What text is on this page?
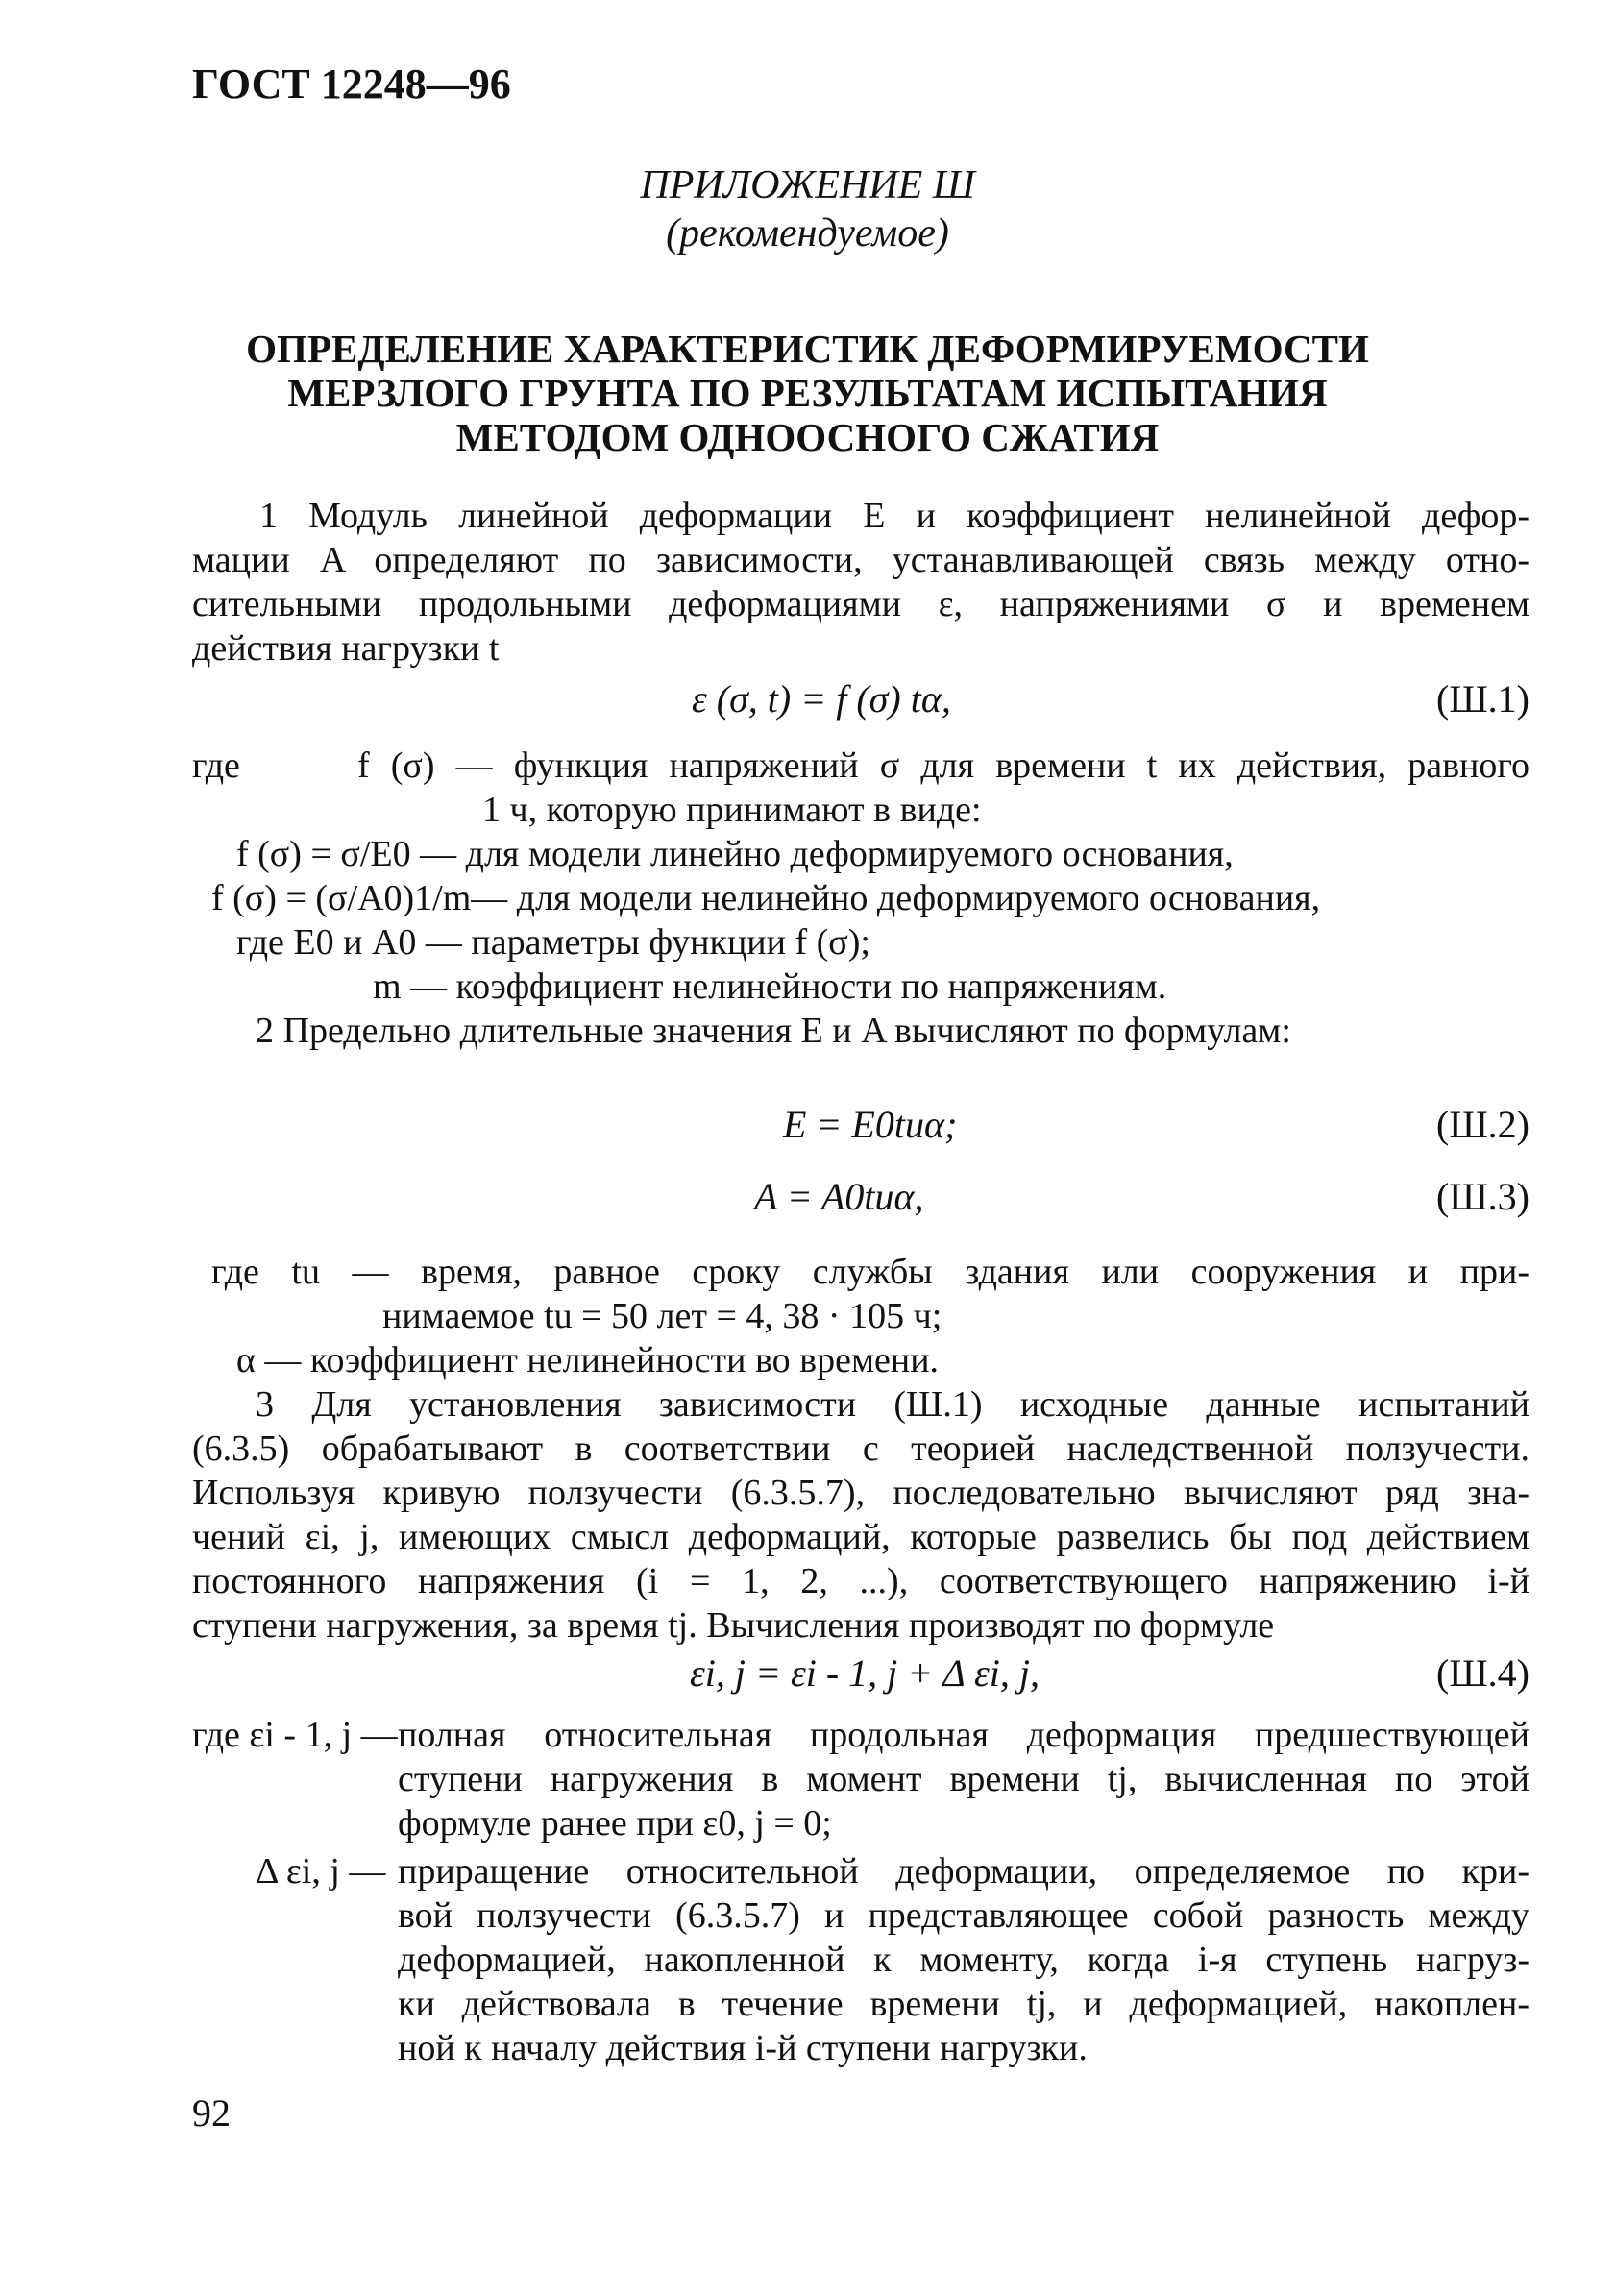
ГОСТ 12248—96
ПРИЛОЖЕНИЕ Ш
(рекомендуемое)
ОПРЕДЕЛЕНИЕ ХАРАКТЕРИСТИК ДЕФОРМИРУЕМОСТИ
МЕРЗЛОГО ГРУНТА ПО РЕЗУЛЬТАТАМ ИСПЫТАНИЯ
МЕТОДОМ ОДНООСНОГО СЖАТИЯ
1 Модуль линейной деформации E и коэффициент нелинейной дефор-
мации A определяют по зависимости, устанавливающей связь между отно-
сительными продольными деформациями ε, напряжениями σ и временем
действия нагрузки t
ε (σ, t) = f (σ) tα,	(Ш.1)
где	f (σ) — функция напряжений σ для времени t их действия, равного
1 ч, которую принимают в виде:
f (σ) = σ/E0 — для модели линейно деформируемого основания,
f (σ) = (σ/A0)1/m— для модели нелинейно деформируемого основания,
где E0 и A0 — параметры функции f (σ);
m — коэффициент нелинейности по напряжениям.
2 Предельно длительные значения E и A вычисляют по формулам:
E = E0tuα;	(Ш.2)
A = A0tuα,	(Ш.3)
где tu — время, равное сроку службы здания или сооружения и при-
нимаемое tu = 50 лет = 4, 38 · 105 ч;
α — коэффициент нелинейности во времени.
3 Для установления зависимости (Ш.1) исходные данные испытаний
(6.3.5) обрабатывают в соответствии с теорией наследственной ползучести.
Используя кривую ползучести (6.3.5.7), последовательно вычисляют ряд зна-
чений εi, j, имеющих смысл деформаций, которые развелись бы под действием
постоянного напряжения (i = 1, 2, ...), соответствующего напряжению i-й
ступени нагружения, за время tj. Вычисления производят по формуле
εi, j = εi - 1, j + Δ εi, j,	(Ш.4)
где εi - 1, j — полная относительная продольная деформация предшествующей
ступени нагружения в момент времени tj, вычисленная по этой
формуле ранее при ε0, j = 0;
Δ εi, j — приращение относительной деформации, определяемое по кри-
вой ползучести (6.3.5.7) и представляющее собой разность между
деформацией, накопленной к моменту, когда i-я ступень нагруз-
ки действовала в течение времени tj, и деформацией, накоплен-
ной к началу действия i-й ступени нагрузки.
92
